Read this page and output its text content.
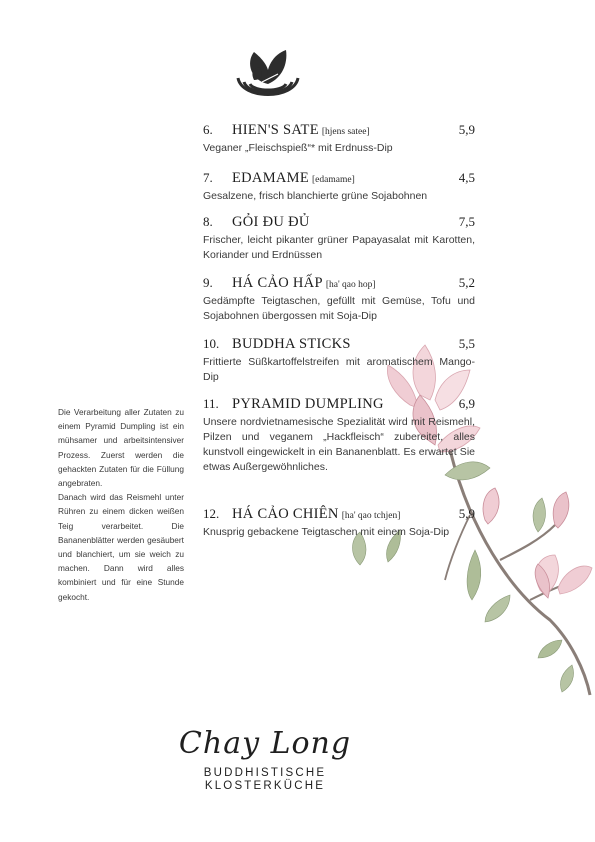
6.	HIEN'S SATE [hjens satee]	5,9
Veganer „Fleischspieß“* mit Erdnuss-Dip
7.	EDAMAME [edamame]	4,5
Gesalzene, frisch blanchierte grüne Sojabohnen
8.	GỎI ĐU ĐỦ	7,5
Frischer, leicht pikanter grüner Papayasalat mit Karotten, Koriander und Erdnüssen
9.	HÁ CẢO HẤP [ha' qao hop]	5,2
Gedämpfte Teigtaschen, gefüllt mit Gemüse, Tofu und Sojabohnen übergossen mit Soja-Dip
10. BUDDHA STICKS	5,5
Frittierte Süßkartoffelstreifen mit aromatischem Mango-Dip
11. PYRAMID DUMPLING	6,9
Unsere nordvietnamesische Spezialität wird mit Reismehl, Pilzen und veganem „Hackfleisch“ zubereitet, alles kunstvoll eingewickelt in ein Bananenblatt. Es erwartet Sie etwas Außergewöhnliches.
12. HÁ CẢO CHIÊN [ha' qao tchjen]	5,9
Knusprig gebackene Teigtaschen mit einem Soja-Dip

Die Verarbeitung aller Zutaten zu einem Pyramid Dumpling ist ein mühsamer und arbeitsintensiver Prozess. Zuerst werden die gehackten Zutaten für die Füllung angebraten.

Danach wird das Reismehl unter Rühren zu einem dicken weißen Teig verarbeitet. Die Bananenblätter werden gesäubert und blanchiert, um sie weich zu machen. Dann wird alles kombiniert und für eine Stunde gekocht.

Chay Long
BUDDHISTISCHE
KLOSTERKÜCHE
